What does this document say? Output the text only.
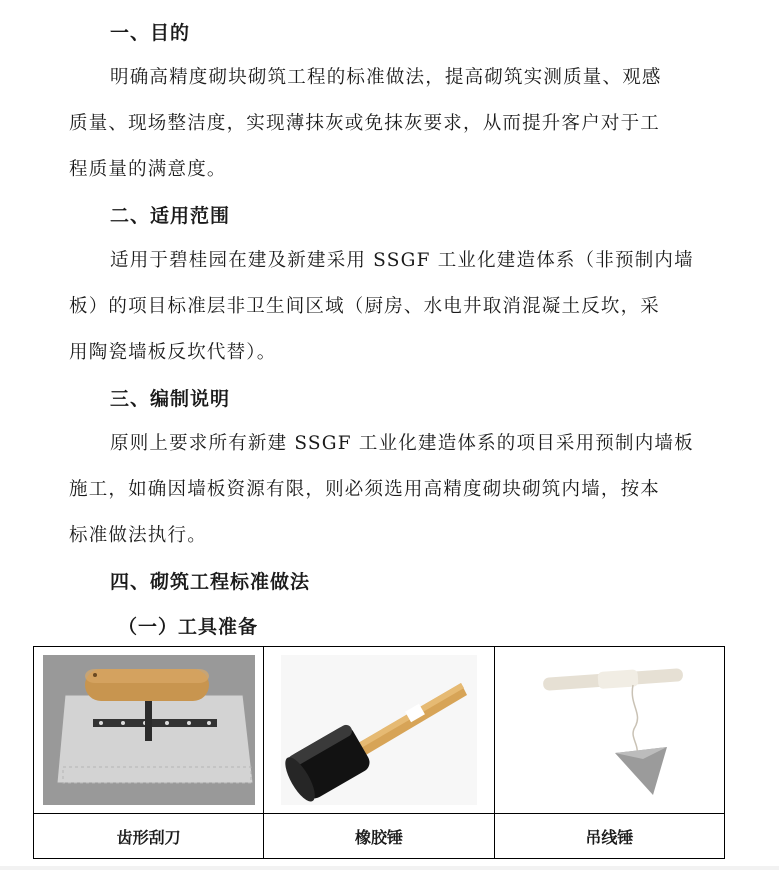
一、目的
明确高精度砌块砌筑工程的标准做法，提高砌筑实测质量、观感
质量、现场整洁度，实现薄抹灰或免抹灰要求，从而提升客户对于工
程质量的满意度。
二、适用范围
适用于碧桂园在建及新建采用 SSGF 工业化建造体系（非预制内墙
板）的项目标准层非卫生间区域（厨房、水电井取消混凝土反坎，采
用陶瓷墙板反坎代替）。
三、编制说明
原则上要求所有新建 SSGF 工业化建造体系的项目采用预制内墙板
施工，如确因墙板资源有限，则必须选用高精度砌块砌筑内墙，按本
标准做法执行。
四、砌筑工程标准做法
（一）工具准备

齿形刮刀	橡胶锤	吊线锤
